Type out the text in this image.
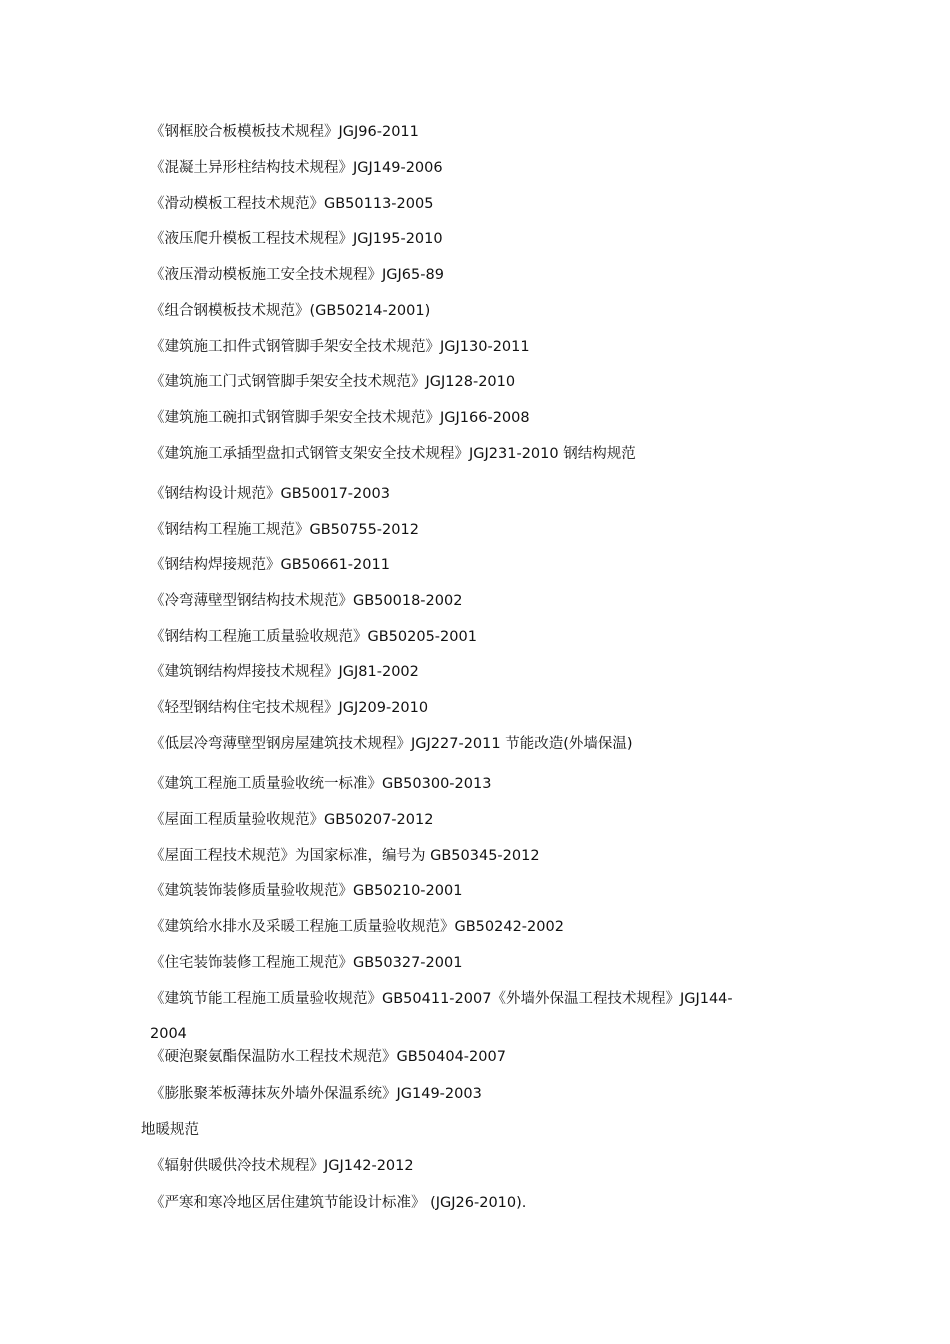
《钢框胶合板模板技术规程》JGJ96-2011
《混凝土异形柱结构技术规程》JGJ149-2006
《滑动模板工程技术规范》GB50113-2005
《液压爬升模板工程技术规程》JGJ195-2010
《液压滑动模板施工安全技术规程》JGJ65-89
《组合钢模板技术规范》(GB50214-2001)
《建筑施工扣件式钢管脚手架安全技术规范》JGJ130-2011
《建筑施工门式钢管脚手架安全技术规范》JGJ128-2010
《建筑施工碗扣式钢管脚手架安全技术规范》JGJ166-2008
《建筑施工承插型盘扣式钢管支架安全技术规程》JGJ231-2010 钢结构规范
《钢结构设计规范》GB50017-2003
《钢结构工程施工规范》GB50755-2012
《钢结构焊接规范》GB50661-2011
《冷弯薄壁型钢结构技术规范》GB50018-2002
《钢结构工程施工质量验收规范》GB50205-2001
《建筑钢结构焊接技术规程》JGJ81-2002
《轻型钢结构住宅技术规程》JGJ209-2010
《低层冷弯薄壁型钢房屋建筑技术规程》JGJ227-2011 节能改造(外墙保温)
《建筑工程施工质量验收统一标准》GB50300-2013
《屋面工程质量验收规范》GB50207-2012
《屋面工程技术规范》为国家标准，编号为 GB50345-2012
《建筑装饰装修质量验收规范》GB50210-2001
《建筑给水排水及采暖工程施工质量验收规范》GB50242-2002
《住宅装饰装修工程施工规范》GB50327-2001
《建筑节能工程施工质量验收规范》GB50411-2007《外墙外保温工程技术规程》JGJ144-
2004
《硬泡聚氨酯保温防水工程技术规范》GB50404-2007
《膨胀聚苯板薄抹灰外墙外保温系统》JG149-2003
地暖规范
《辐射供暖供冷技术规程》JGJ142-2012
《严寒和寒冷地区居住建筑节能设计标准》 (JGJ26-2010).
